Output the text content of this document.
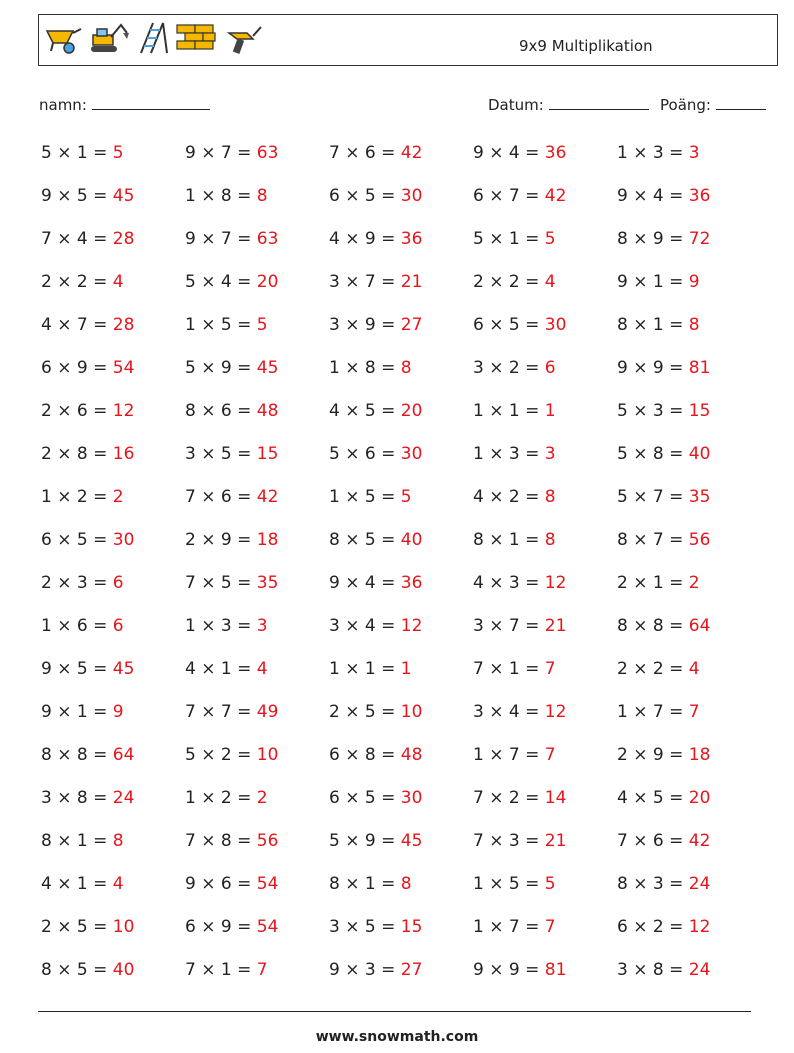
9x9 Multiplikation
namn:	Datum:	Poäng:
5 × 1 = 5	9 × 7 = 63	7 × 6 = 42	9 × 4 = 36	1 × 3 = 3
9 × 5 = 45	1 × 8 = 8	6 × 5 = 30	6 × 7 = 42	9 × 4 = 36
7 × 4 = 28	9 × 7 = 63	4 × 9 = 36	5 × 1 = 5	8 × 9 = 72
2 × 2 = 4	5 × 4 = 20	3 × 7 = 21	2 × 2 = 4	9 × 1 = 9
4 × 7 = 28	1 × 5 = 5	3 × 9 = 27	6 × 5 = 30	8 × 1 = 8
6 × 9 = 54	5 × 9 = 45	1 × 8 = 8	3 × 2 = 6	9 × 9 = 81
2 × 6 = 12	8 × 6 = 48	4 × 5 = 20	1 × 1 = 1	5 × 3 = 15
2 × 8 = 16	3 × 5 = 15	5 × 6 = 30	1 × 3 = 3	5 × 8 = 40
1 × 2 = 2	7 × 6 = 42	1 × 5 = 5	4 × 2 = 8	5 × 7 = 35
6 × 5 = 30	2 × 9 = 18	8 × 5 = 40	8 × 1 = 8	8 × 7 = 56
2 × 3 = 6	7 × 5 = 35	9 × 4 = 36	4 × 3 = 12	2 × 1 = 2
1 × 6 = 6	1 × 3 = 3	3 × 4 = 12	3 × 7 = 21	8 × 8 = 64
9 × 5 = 45	4 × 1 = 4	1 × 1 = 1	7 × 1 = 7	2 × 2 = 4
9 × 1 = 9	7 × 7 = 49	2 × 5 = 10	3 × 4 = 12	1 × 7 = 7
8 × 8 = 64	5 × 2 = 10	6 × 8 = 48	1 × 7 = 7	2 × 9 = 18
3 × 8 = 24	1 × 2 = 2	6 × 5 = 30	7 × 2 = 14	4 × 5 = 20
8 × 1 = 8	7 × 8 = 56	5 × 9 = 45	7 × 3 = 21	7 × 6 = 42
4 × 1 = 4	9 × 6 = 54	8 × 1 = 8	1 × 5 = 5	8 × 3 = 24
2 × 5 = 10	6 × 9 = 54	3 × 5 = 15	1 × 7 = 7	6 × 2 = 12
8 × 5 = 40	7 × 1 = 7	9 × 3 = 27	9 × 9 = 81	3 × 8 = 24
www.snowmath.com
